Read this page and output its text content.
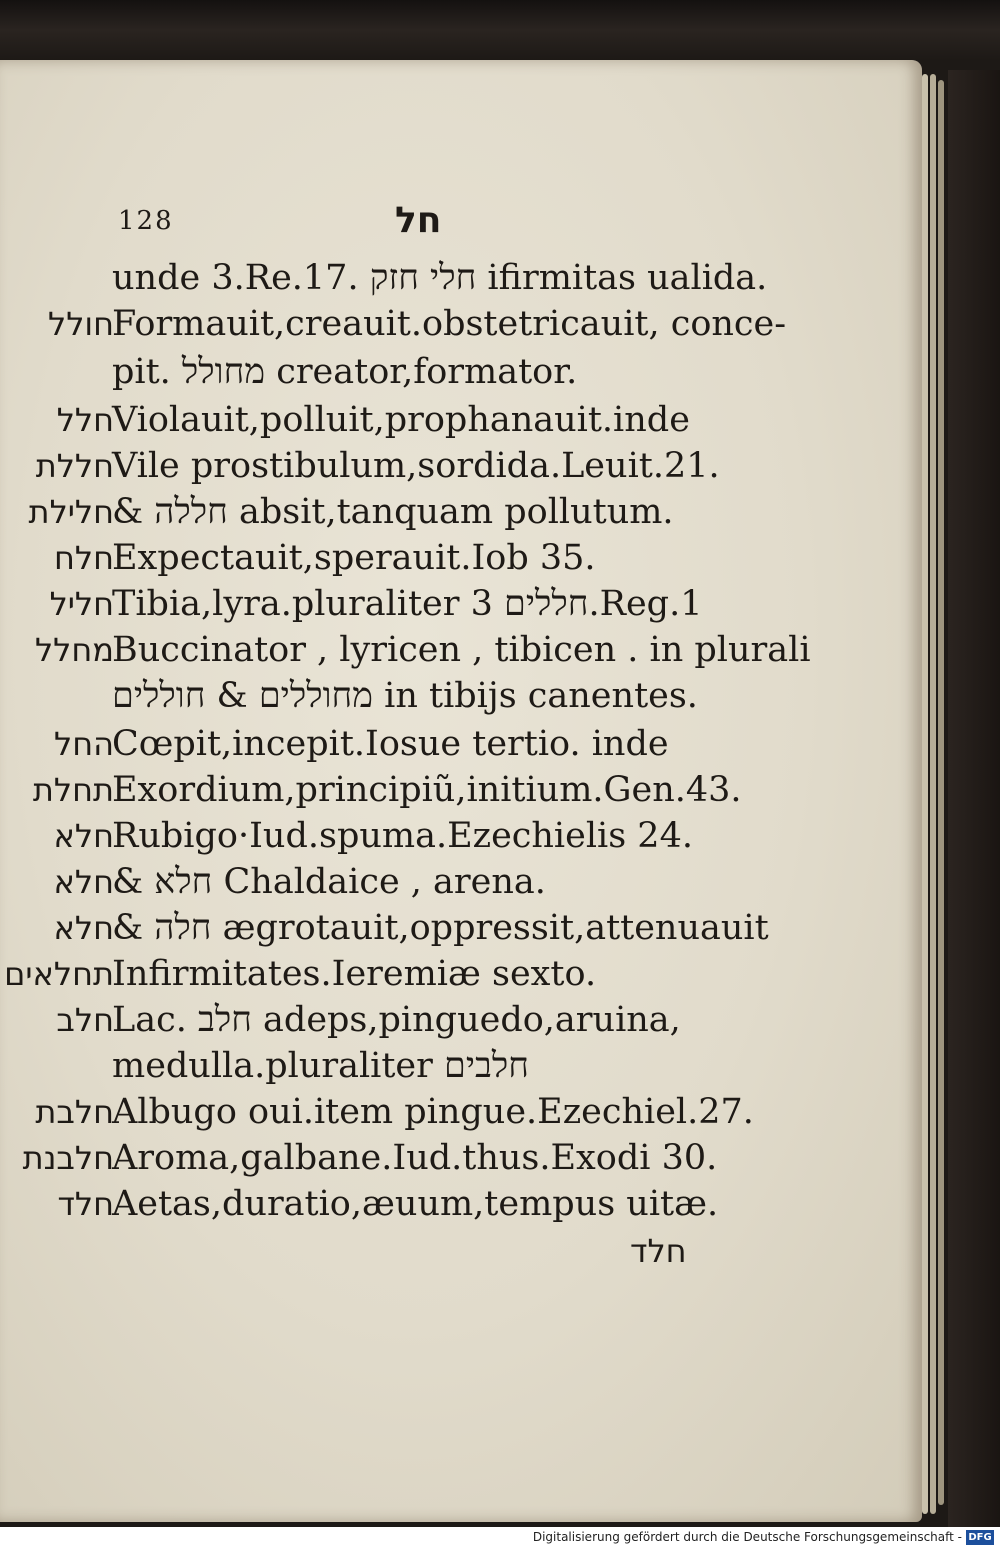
128	חל
unde 3.Re.17. חלי חזק ifirmitas ualida.
חולל
Formauit,creauit.obstetricauit, conce-
pit. מחולל creator,formator.
חלל
Violauit,polluit,prophanauit.inde
חללת
Vile prostibulum,sordida.Leuit.21.
חלילת
& חללה absit,tanquam pollutum.
חלח
Expectauit,sperauit.Iob 35.
חליל
Tibia,lyra.pluraliter חללים 3.Reg.1
מחלל
Buccinator , lyricen , tibicen . in plurali
מחוללים & חוללים in tibijs canentes.
החל
Cœpit,incepit.Iosue tertio. inde
תחלת
Exordium,principiũ,initium.Gen.43.
חלא
Rubigo·Iud.spuma.Ezechielis 24.
חלא
& חלא Chaldaice , arena.
חלא
& חלה ægrotauit,oppressit,attenuauit
תחלאים
Infirmitates.Ieremiæ sexto.
חלב
Lac. חלב adeps,pinguedo,aruina,
medulla.pluraliter חלבים
חלבת
Albugo oui.item pingue.Ezechiel.27.
חלבנת
Aroma,galbane.Iud.thus.Exodi 30.
חלד
Aetas,duratio,æuum,tempus uitæ.
חלד
Digitalisierung gefördert durch die Deutsche Forschungsgemeinschaft - DFG
